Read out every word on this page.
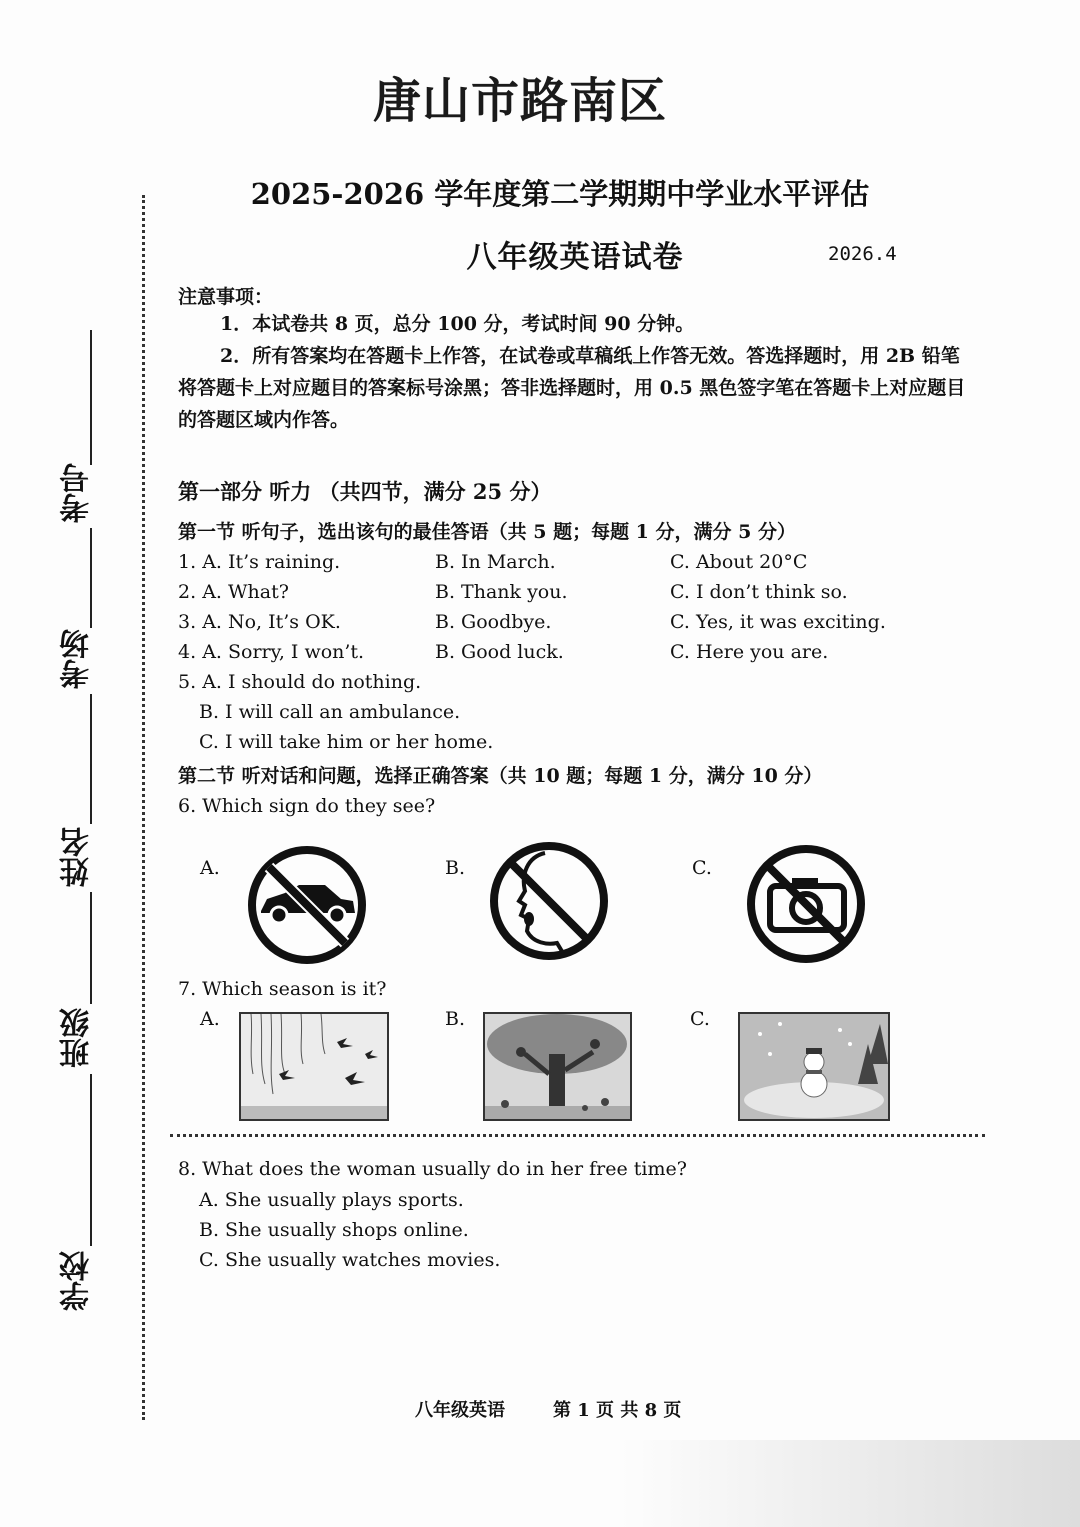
考号
考场
姓名
班级
学校
唐山市路南区
2025-2026 学年度第二学期期中学业水平评估
八年级英语试卷	2026.4
注意事项：
1．本试卷共 8 页，总分 100 分，考试时间 90 分钟。
2．所有答案均在答题卡上作答，在试卷或草稿纸上作答无效。答选择题时，用 2B 铅笔将答题卡上对应题目的答案标号涂黑；答非选择题时，用 0.5 黑色签字笔在答题卡上对应题目的答题区域内作答。
第一部分 听力 （共四节，满分 25 分）
第一节 听句子，选出该句的最佳答语（共 5 题；每题 1 分，满分 5 分）
1. A. It’s raining.	B. In March.	C. About 20°C
2. A. What?	B. Thank you.	C. I don’t think so.
3. A. No, It’s OK.	B. Goodbye.	C. Yes, it was exciting.
4. A. Sorry, I won’t.	B. Good luck.	C. Here you are.
5. A. I should do nothing.
B. I will call an ambulance.
C. I will take him or her home.
第二节 听对话和问题，选择正确答案（共 10 题；每题 1 分，满分 10 分）
6. Which sign do they see?
A.	B.	C.
7. Which season is it?
A.	B.	C.
8. What does the woman usually do in her free time?
A. She usually plays sports.
B. She usually shops online.
C. She usually watches movies.
八年级英语	第 1 页 共 8 页
